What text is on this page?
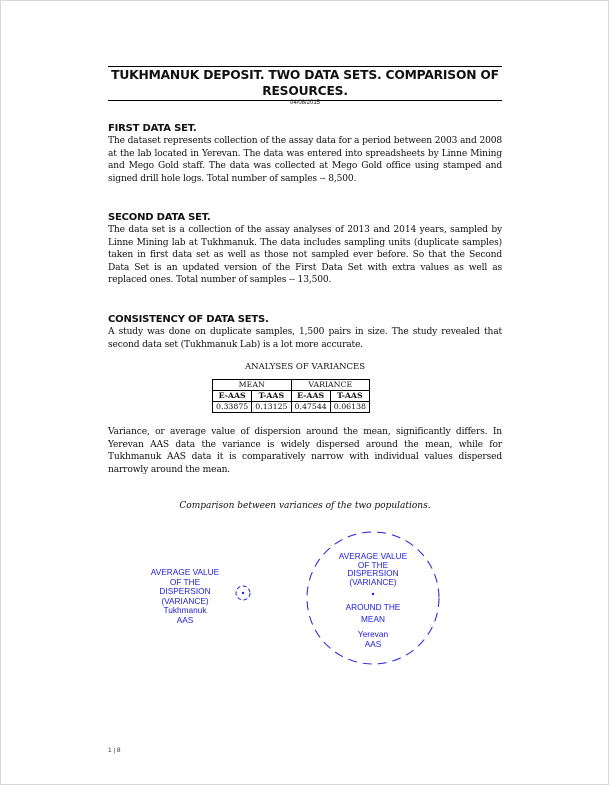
TUKHMANUK DEPOSIT. TWO DATA SETS. COMPARISON OF RESOURCES.
04/08/2015
FIRST DATA SET.

The dataset represents collection of the assay data for a period between 2003 and 2008 at the lab located in Yerevan. The data was entered into spreadsheets by Linne Mining and Mego Gold staff. The data was collected at Mego Gold office using stamped and signed drill hole logs. Total number of samples -- 8,500.

SECOND DATA SET.

The data set is a collection of the assay analyses of 2013 and 2014 years, sampled by Linne Mining lab at Tukhmanuk. The data includes sampling units (duplicate samples) taken in first data set as well as those not sampled ever before. So that the Second Data Set is an updated version of the First Data Set with extra values as well as replaced ones. Total number of samples -- 13,500.

CONSISTENCY OF DATA SETS.

A study was done on duplicate samples, 1,500 pairs in size. The study revealed that second data set (Tukhmanuk Lab) is a lot more accurate.

ANALYSES OF VARIANCES
MEAN		VARIANCE	
E-AAS	T-AAS	E-AAS	T-AAS
0.33875	0.13125	0.47544	0.06138

Variance, or average value of dispersion around the mean, significantly differs. In Yerevan AAS data the variance is widely dispersed around the mean, while for Tukhmanuk AAS data it is comparatively narrow with individual values dispersed narrowly around the mean.

Comparison between variances of the two populations.
AVERAGE VALUE
OF THE
DISPERSION
(VARIANCE)
Tukhmanuk
AAS
AVERAGE VALUE
OF THE
DISPERSION
(VARIANCE)
AROUND THE
MEAN
Yerevan
AAS
1 | 8
